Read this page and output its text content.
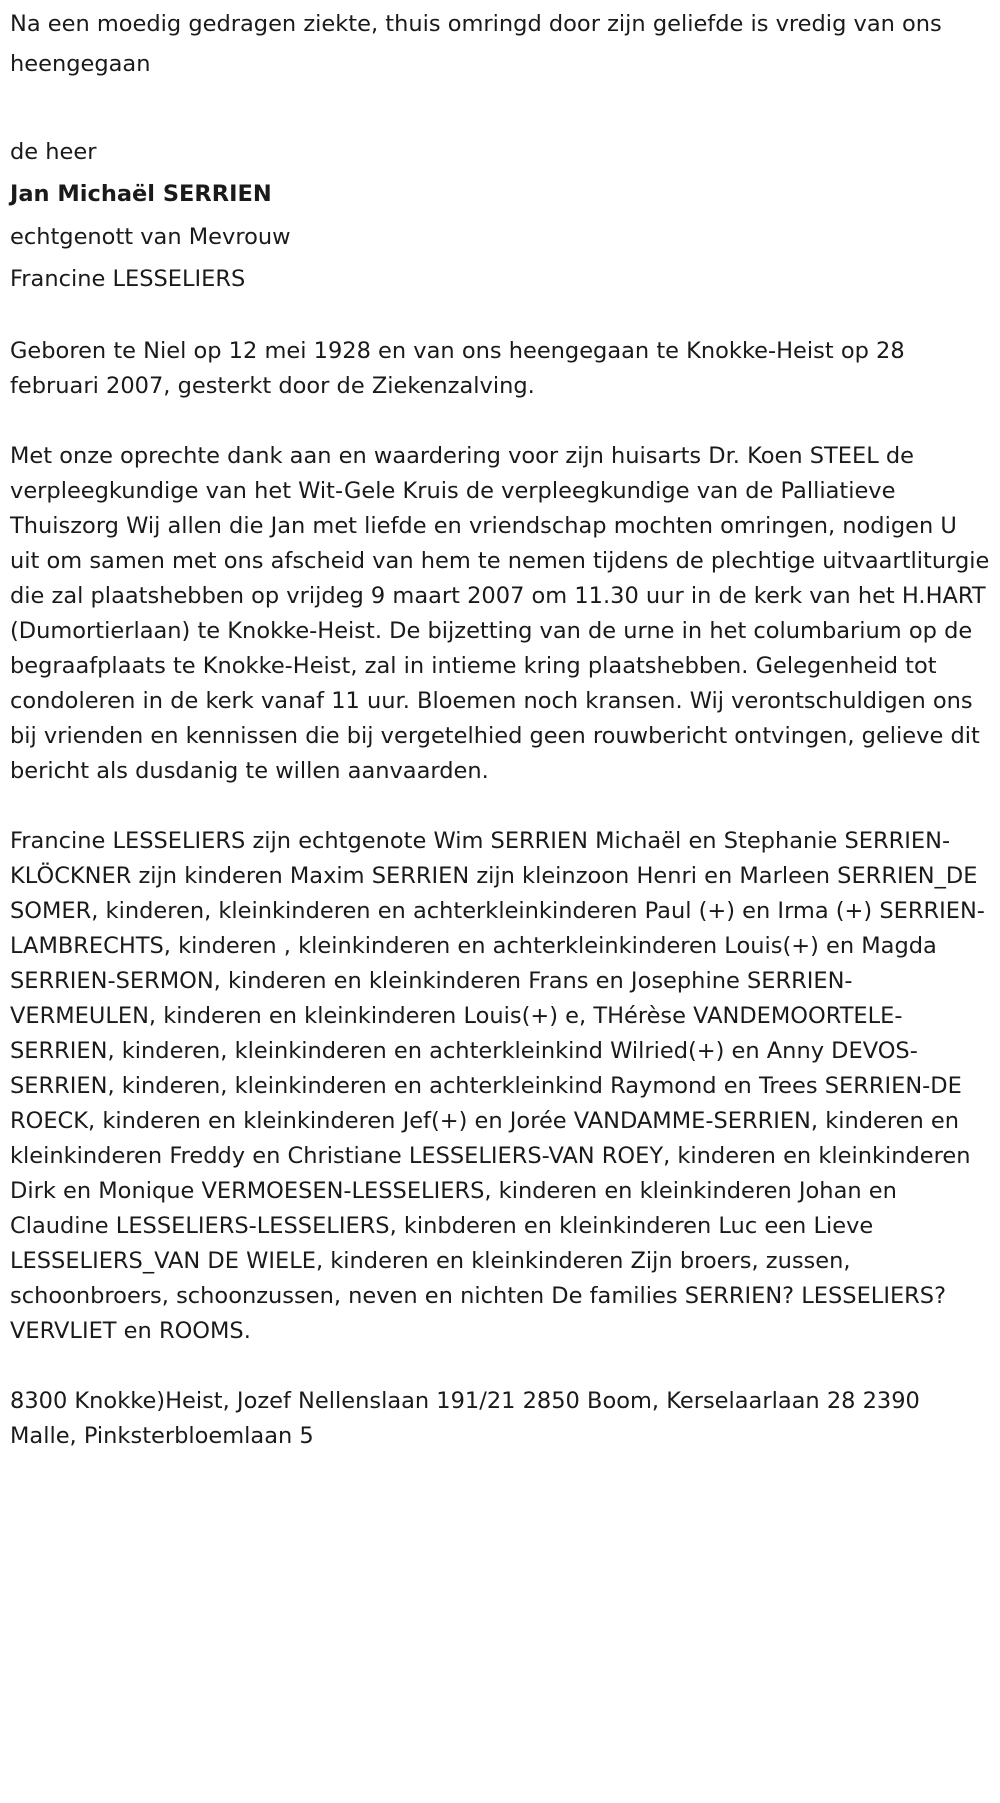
Na een moedig gedragen ziekte, thuis omringd door zijn geliefde is vredig van ons heengegaan

de heer

Jan Michaël SERRIEN

echtgenott van Mevrouw

Francine LESSELIERS

Geboren te Niel op 12 mei 1928 en van ons heengegaan te Knokke-Heist op 28 februari 2007, gesterkt door de Ziekenzalving.

Met onze oprechte dank aan en waardering voor zijn huisarts Dr. Koen STEEL de verpleegkundige van het Wit-Gele Kruis de verpleegkundige van de Palliatieve Thuiszorg Wij allen die Jan met liefde en vriendschap mochten omringen, nodigen U uit om samen met ons afscheid van hem te nemen tijdens de plechtige uitvaartliturgie die zal plaatshebben op vrijdeg 9 maart 2007 om 11.30 uur in de kerk van het H.HART (Dumortierlaan) te Knokke-Heist. De bijzetting van de urne in het columbarium op de begraafplaats te Knokke-Heist, zal in intieme kring plaatshebben. Gelegenheid tot condoleren in de kerk vanaf 11 uur. Bloemen noch kransen. Wij verontschuldigen ons bij vrienden en kennissen die bij vergetelhied geen rouwbericht ontvingen, gelieve dit bericht als dusdanig te willen aanvaarden.

Francine LESSELIERS zijn echtgenote Wim SERRIEN Michaël en Stephanie SERRIEN-KLÖCKNER zijn kinderen Maxim SERRIEN zijn kleinzoon Henri en Marleen SERRIEN_DE SOMER, kinderen, kleinkinderen en achterkleinkinderen Paul (+) en Irma (+) SERRIEN-LAMBRECHTS, kinderen , kleinkinderen en achterkleinkinderen Louis(+) en Magda SERRIEN-SERMON, kinderen en kleinkinderen Frans en Josephine SERRIEN-VERMEULEN, kinderen en kleinkinderen Louis(+) e, THérèse VANDEMOORTELE-SERRIEN, kinderen, kleinkinderen en achterkleinkind Wilried(+) en Anny DEVOS-SERRIEN, kinderen, kleinkinderen en achterkleinkind Raymond en Trees SERRIEN-DE ROECK, kinderen en kleinkinderen Jef(+) en Jorée VANDAMME-SERRIEN, kinderen en kleinkinderen Freddy en Christiane LESSELIERS-VAN ROEY, kinderen en kleinkinderen Dirk en Monique VERMOESEN-LESSELIERS, kinderen en kleinkinderen Johan en Claudine LESSELIERS-LESSELIERS, kinbderen en kleinkinderen Luc een Lieve LESSELIERS_VAN DE WIELE, kinderen en kleinkinderen Zijn broers, zussen, schoonbroers, schoonzussen, neven en nichten De families SERRIEN? LESSELIERS? VERVLIET en ROOMS.

8300 Knokke)Heist, Jozef Nellenslaan 191/21 2850 Boom, Kerselaarlaan 28 2390 Malle, Pinksterbloemlaan 5
